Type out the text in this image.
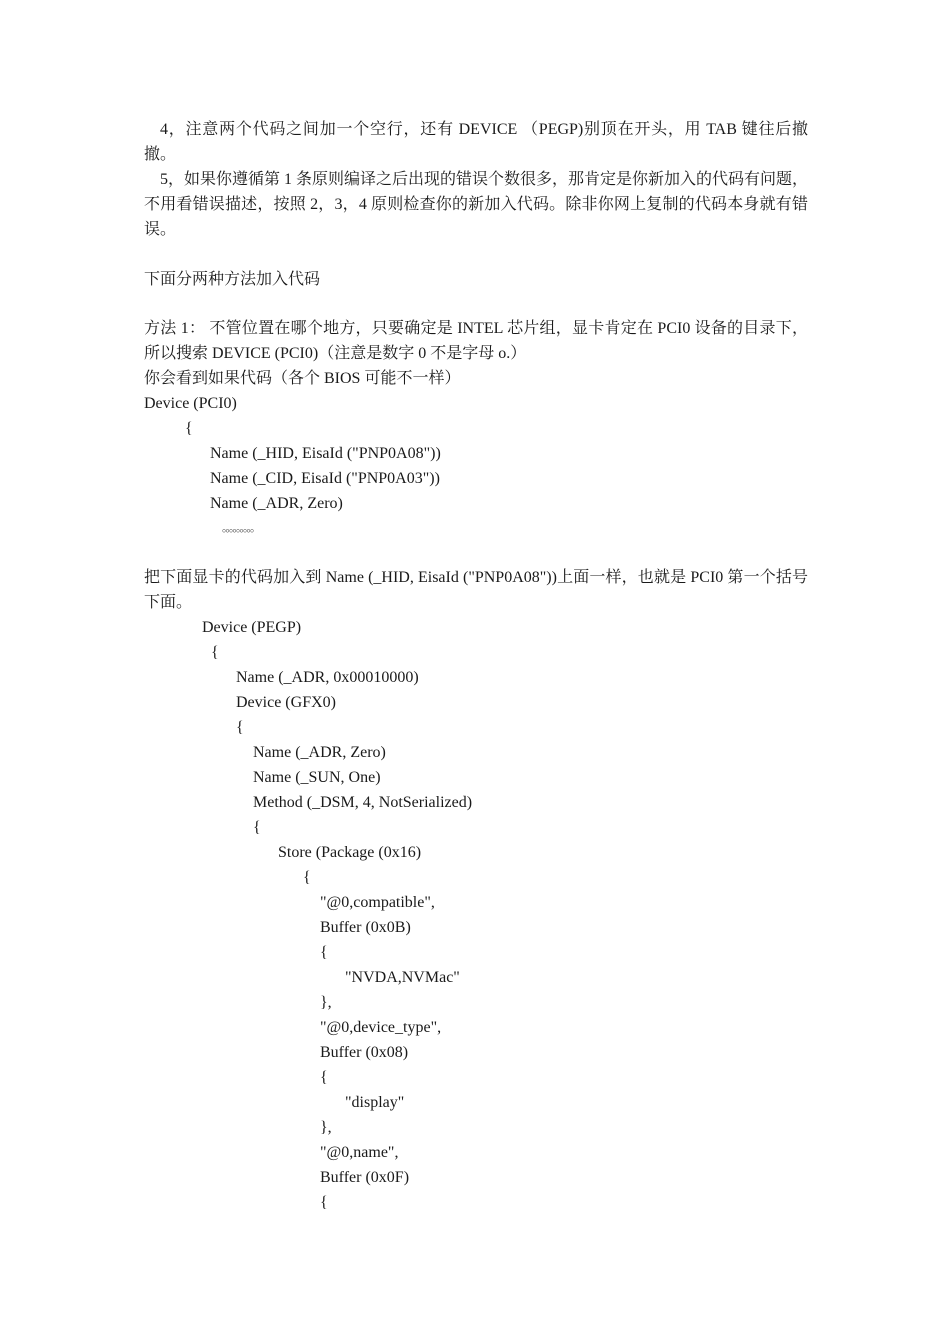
4，注意两个代码之间加一个空行，还有 DEVICE （PEGP)别顶在开头，用 TAB 键往后撤撤。
5，如果你遵循第 1 条原则编译之后出现的错误个数很多，那肯定是你新加入的代码有问题，不用看错误描述，按照 2，3，4 原则检查你的新加入代码。除非你网上复制的代码本身就有错误。
下面分两种方法加入代码
方法 1： 不管位置在哪个地方，只要确定是 INTEL 芯片组，显卡肯定在 PCI0 设备的目录下，所以搜索 DEVICE (PCI0)（注意是数字 0 不是字母 o.）
你会看到如果代码（各个 BIOS 可能不一样）
Device (PCI0)
{
Name (_HID, EisaId ("PNP0A08"))
Name (_CID, EisaId ("PNP0A03"))
Name (_ADR, Zero)
。。。。。。。。。
把下面显卡的代码加入到 Name (_HID, EisaId ("PNP0A08"))上面一样，也就是 PCI0 第一个括号下面。
Device (PEGP)
{
Name (_ADR, 0x00010000)
Device (GFX0)
{
Name (_ADR, Zero)
Name (_SUN, One)
Method (_DSM, 4, NotSerialized)
{
Store (Package (0x16)
{
"@0,compatible",
Buffer (0x0B)
{
"NVDA,NVMac"
},
"@0,device_type",
Buffer (0x08)
{
"display"
},
"@0,name",
Buffer (0x0F)
{
